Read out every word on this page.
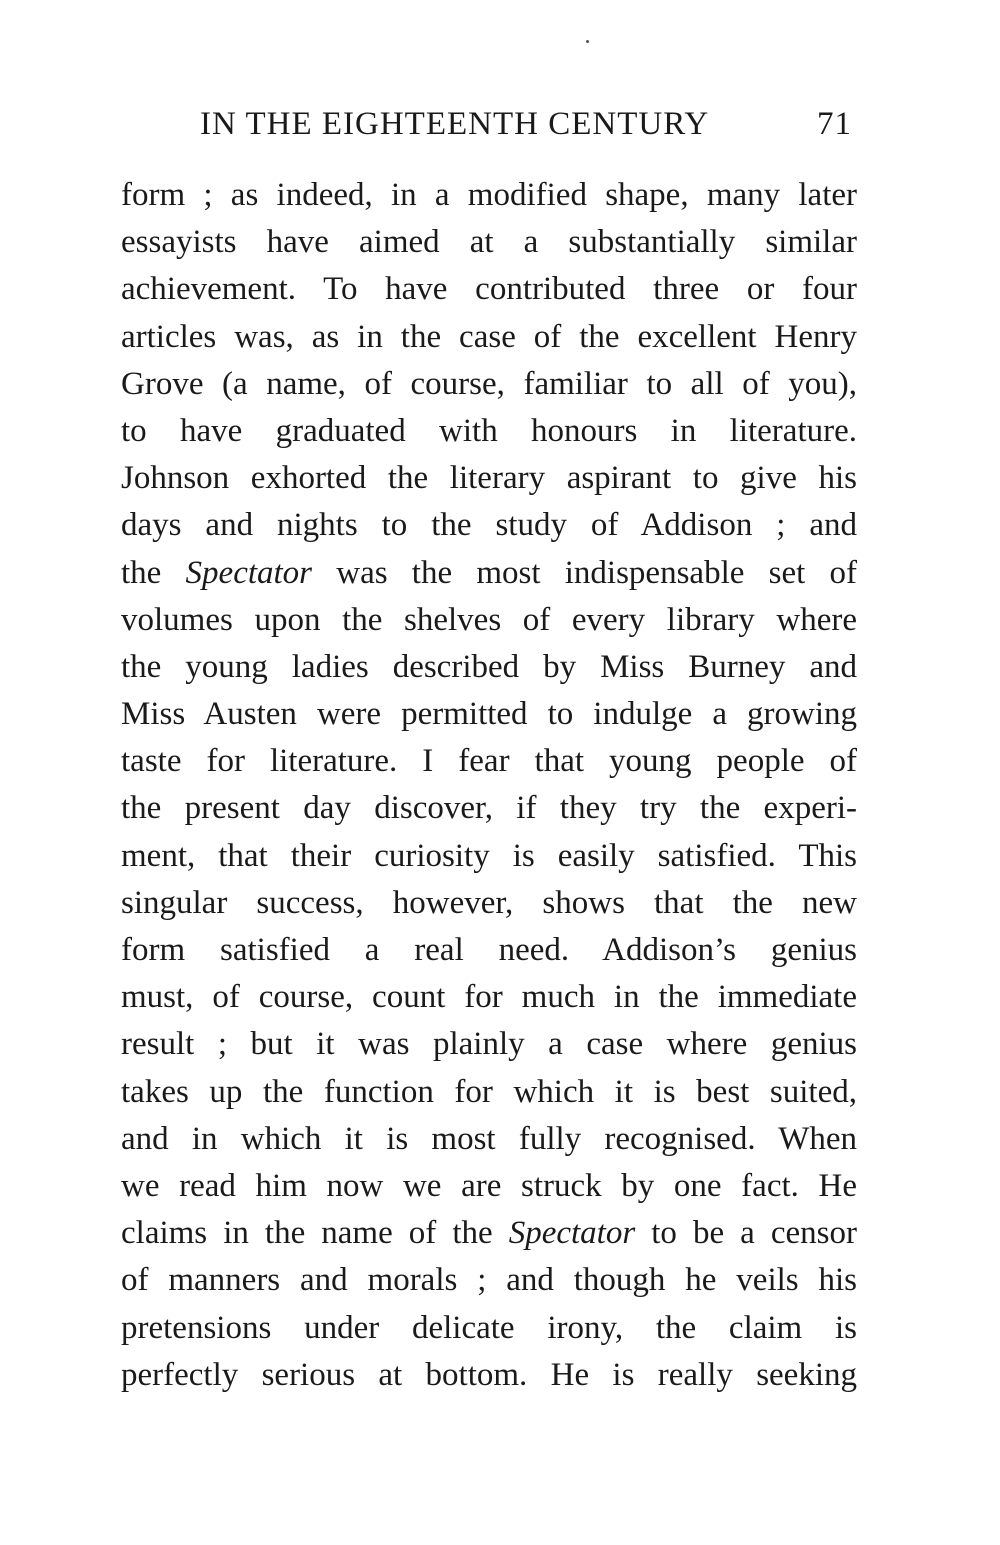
IN THE EIGHTEENTH CENTURY	71
form ; as indeed, in a modified shape, many later
essayists have aimed at a substantially similar
achievement. To have contributed three or four
articles was, as in the case of the excellent Henry
Grove (a name, of course, familiar to all of you),
to have graduated with honours in literature.
Johnson exhorted the literary aspirant to give his
days and nights to the study of Addison ; and
the Spectator was the most indispensable set of
volumes upon the shelves of every library where
the young ladies described by Miss Burney and
Miss Austen were permitted to indulge a growing
taste for literature. I fear that young people of
the present day discover, if they try the experi-
ment, that their curiosity is easily satisfied. This
singular success, however, shows that the new
form satisfied a real need. Addison’s genius
must, of course, count for much in the immediate
result ; but it was plainly a case where genius
takes up the function for which it is best suited,
and in which it is most fully recognised. When
we read him now we are struck by one fact. He
claims in the name of the Spectator to be a censor
of manners and morals ; and though he veils his
pretensions under delicate irony, the claim is
perfectly serious at bottom. He is really seeking
